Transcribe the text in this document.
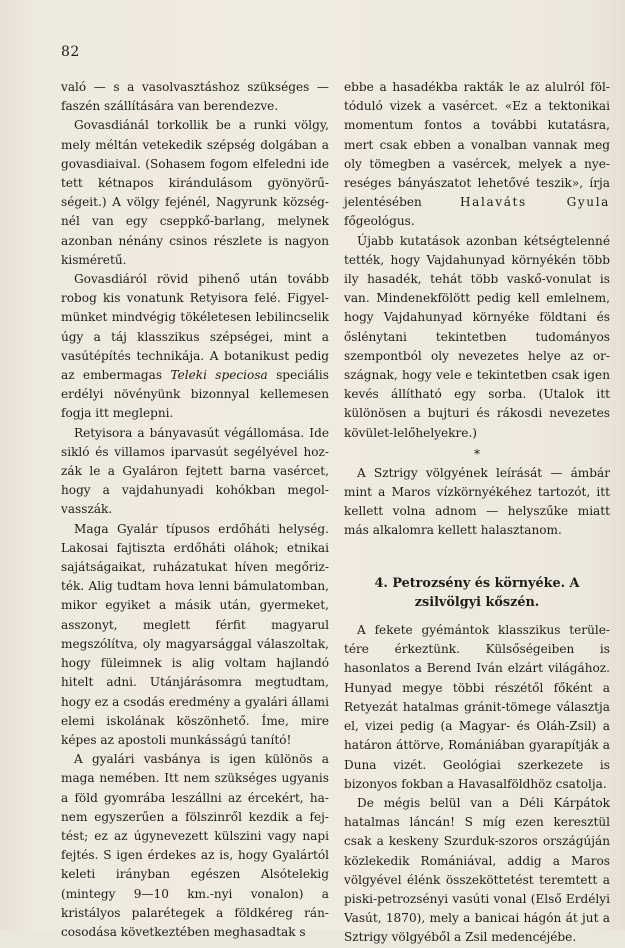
82

való — s a vasolvasztáshoz szükséges — faszén szállítására van berendezve.

Govasdiánál torkollik be a runki völgy, mely méltán vetekedik szépség dolgában a govasdiaival. (Sohasem fogom elfeledni ide tett kétnapos kirándulásom gyönyörűségeit.) A völgy fejénél, Nagyrunk községnél van egy cseppkő-barlang, melynek azonban nénány csinos részlete is nagyon kisméretű.

Govasdiáról rövid pihenő után tovább robog kis vonatunk Retyisora felé. Figyelmünket mindvégig tökéletesen lebilincselik úgy a táj klasszikus szépségei, mint a vasútépítés technikája. A botanikust pedig az embermagas Teleki speciosa speciális erdélyi növényünk bizonnyal kellemesen fogja itt meglepni.

Retyisora a bányavasút végállomása. Ide sikló és villamos iparvasút segélyével hozzák le a Gyaláron fejtett barna vasércet, hogy a vajdahunyadi kohókban megolvasszák.

Maga Gyalár típusos erdőháti helység. Lakosai fajtiszta erdőháti oláhok; etnikai sajátságaikat, ruházatukat híven megőrizték. Alig tudtam hova lenni bámulatomban, mikor egyiket a másik után, gyermeket, asszonyt, meglett férfit magyarul megszólítva, oly magyarsággal válaszoltak, hogy füleimnek is alig voltam hajlandó hitelt adni. Utánjárásomra megtudtam, hogy ez a csodás eredmény a gyalári állami elemi iskolának köszönhető. Íme, mire képes az apostoli munkásságú tanító!

A gyalári vasbánya is igen különös a maga nemében. Itt nem szükséges ugyanis a föld gyomrába leszállni az ércekért, hanem egyszerűen a fölszinről kezdik a fejtést; ez az úgynevezett külszini vagy napi fejtés. S igen érdekes az is, hogy Gyalártól keleti irányban egészen Alsótelekig (mintegy 9—10 km.-nyi vonalon) a kristályos palarétegek a földkéreg ráncosodása következtében meghasadtak s

ebbe a hasadékba rakták le az alulról föltóduló vizek a vasércet. «Ez a tektonikai momentum fontos a további kutatásra, mert csak ebben a vonalban vannak meg oly tömegben a vasércek, melyek a nyereséges bányászatot lehetővé teszik», írja jelentésében Halaváts Gyula főgeológus.

Újabb kutatások azonban kétségtelenné tették, hogy Vajdahunyad környékén több ily hasadék, tehát több vaskő-vonulat is van. Mindenekfölött pedig kell emlelnem, hogy Vajdahunyad környéke földtani és őslénytani tekintetben tudományos szempontból oly nevezetes helye az országnak, hogy vele e tekintetben csak igen kevés állítható egy sorba. (Utalok itt különösen a bujturi és rákosdi nevezetes kövület-lelőhelyekre.)

*

A Sztrigy völgyének leírását — ámbár mint a Maros vízkörnyékéhez tartozót, itt kellett volna adnom — helyszűke miatt más alkalomra kellett halasztanom.

4. Petrozsény és környéke. A zsilvölgyi kőszén.

A fekete gyémántok klasszikus területére érkeztünk. Külsőségeiben is hasonlatos a Berend Iván elzárt világához. Hunyad megye többi részétől főként a Retyezát hatalmas gránit-tömege választja el, vizei pedig (a Magyar- és Oláh-Zsil) a határon áttörve, Romániában gyarapítják a Duna vizét. Geológiai szerkezete is bizonyos fokban a Havasalföldhöz csatolja.

De mégis belül van a Déli Kárpátok hatalmas láncán! S míg ezen keresztül csak a keskeny Szurduk-szoros országúján közlekedik Romániával, addig a Maros völgyével élénk összeköttetést teremtett a piski-petrozsényi vasúti vonal (Első Erdélyi Vasút, 1870), mely a banicai hágón át jut a Sztrigy völgyéből a Zsil medencéjébe.
